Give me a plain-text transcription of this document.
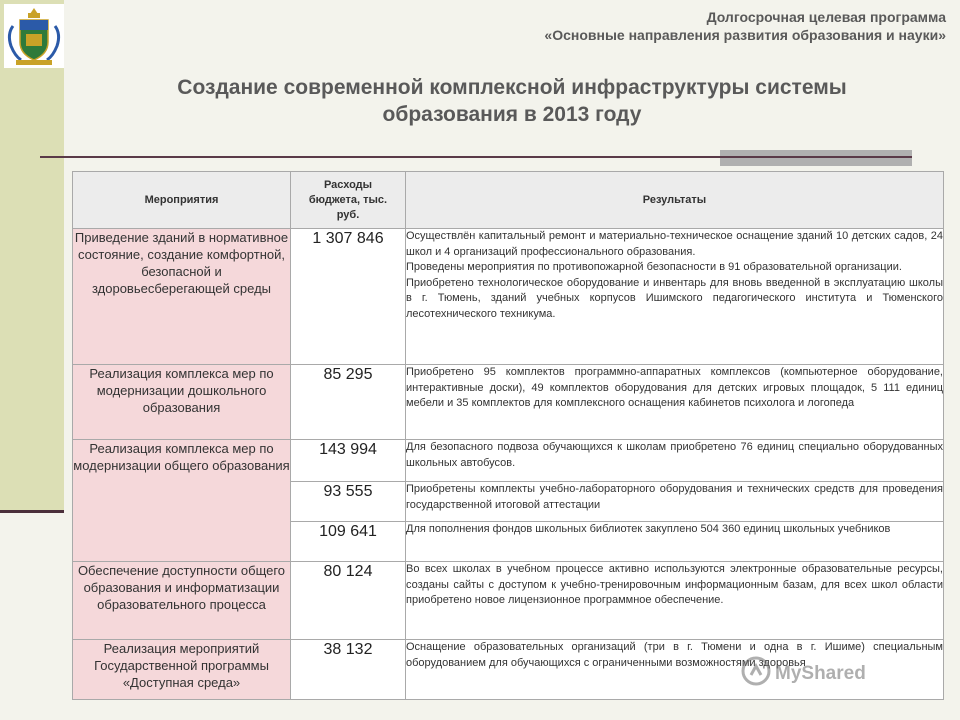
Долгосрочная целевая программа
«Основные направления развития образования и науки»
Создание современной комплексной инфраструктуры системы
образования в 2013 году
Мероприятия	Расходы бюджета, тыс. руб.	Результаты
Приведение зданий в нормативное состояние, создание комфортной, безопасной и здоровьесберегающей среды	1 307 846	Осуществлён капитальный ремонт и материально-техническое оснащение зданий 10 детских садов, 24 школ и 4 организаций профессионального образования.

Проведены мероприятия по противопожарной безопасности в 91 образовательной организации.

Приобретено технологическое оборудование и инвентарь для вновь введенной в эксплуатацию школы в г. Тюмень, зданий учебных корпусов Ишимского педагогического института и Тюменского лесотехнического техникума.

Реализация комплекса мер по модернизации дошкольного образования	85 295	Приобретено 95 комплектов программно-аппаратных комплексов (компьютерное оборудование, интерактивные доски), 49 комплектов оборудования для детских игровых площадок, 5 111 единиц мебели и 35 комплектов для комплексного оснащения кабинетов психолога и логопеда
Реализация комплекса мер по модернизации общего образования	143 994	Для безопасного подвоза обучающихся к школам приобретено 76 единиц специально оборудованных школьных автобусов.
	93 555	Приобретены комплекты учебно-лабораторного оборудования и технических средств для проведения государственной итоговой аттестации
	109 641	Для пополнения фондов школьных библиотек закуплено 504 360 единиц школьных учебников
Обеспечение доступности общего образования и информатизации образовательного процесса	80 124	Во всех школах в учебном процессе активно используются электронные образовательные ресурсы, созданы сайты с доступом к учебно-тренировочным информационным базам, для всех школ области приобретено новое лицензионное программное обеспечение.
Реализация мероприятий Государственной программы «Доступная среда»	38 132	Оснащение образовательных организаций (три в г. Тюмени и одна в г. Ишиме) специальным оборудованием для обучающихся с ограниченными возможностями здоровья
MyShared
